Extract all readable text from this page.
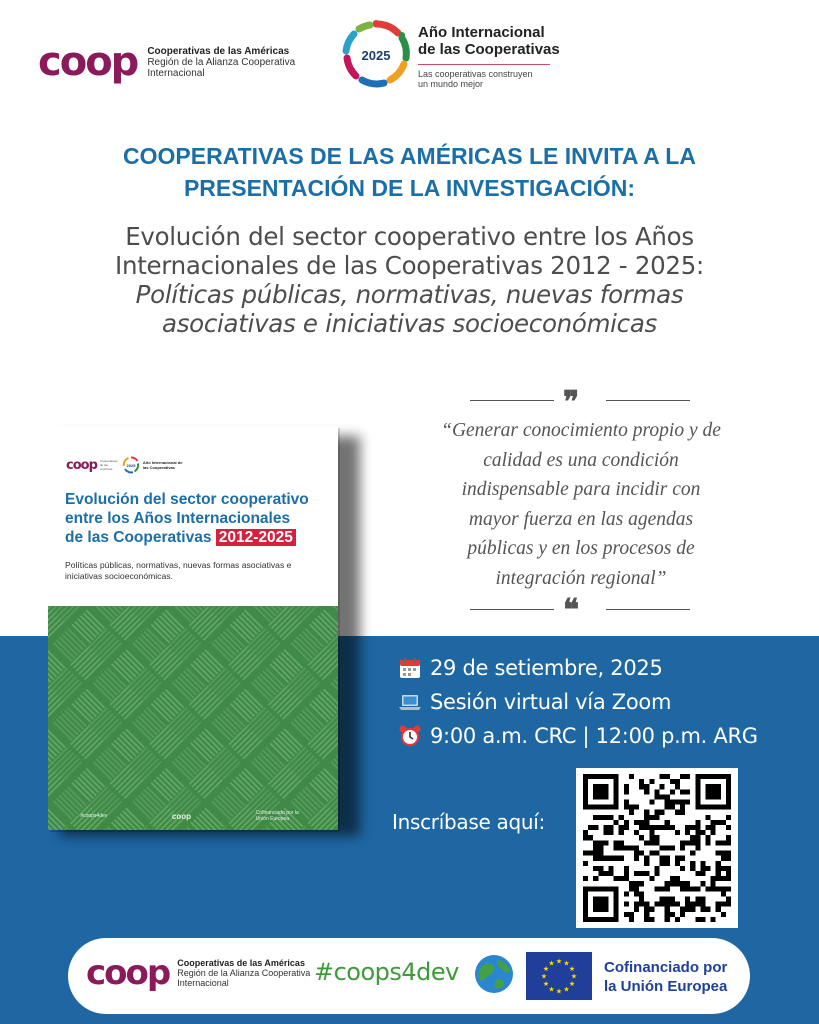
coop Cooperativas de las Américas
Región de la Alianza Cooperativa
Internacional
2025
Año Internacional
de las Cooperativas
Las cooperativas construyen
un mundo mejor
COOPERATIVAS DE LAS AMÉRICAS LE INVITA A LA
PRESENTACIÓN DE LA INVESTIGACIÓN:
Evolución del sector cooperativo entre los Años
Internacionales de las Cooperativas 2012 - 2025:
Políticas públicas, normativas, nuevas formas
asociativas e iniciativas socioeconómicas
coop Cooperativas de las Américas
2025
Año Internacional de las Cooperativas
Evolución del sector cooperativo
entre los Años Internacionales
de las Cooperativas 2012-2025
Políticas públicas, normativas, nuevas formas asociativas e iniciativas socioeconómicas.
#coops4dev	coop	Cofinanciado por la Unión Europea
❞
“Generar conocimiento propio y de calidad es una condición indispensable para incidir con mayor fuerza en las agendas públicas y en los procesos de integración regional”
❝
29 de setiembre, 2025
Sesión virtual vía Zoom
9:00 a.m. CRC | 12:00 p.m. ARG
Inscríbase aquí:
coop Cooperativas de las Américas
Región de la Alianza Cooperativa
Internacional	#coops4dev	★
★
★
★
★
★
★
★
★ ★ ★
★ Cofinanciado por
la Unión Europea
